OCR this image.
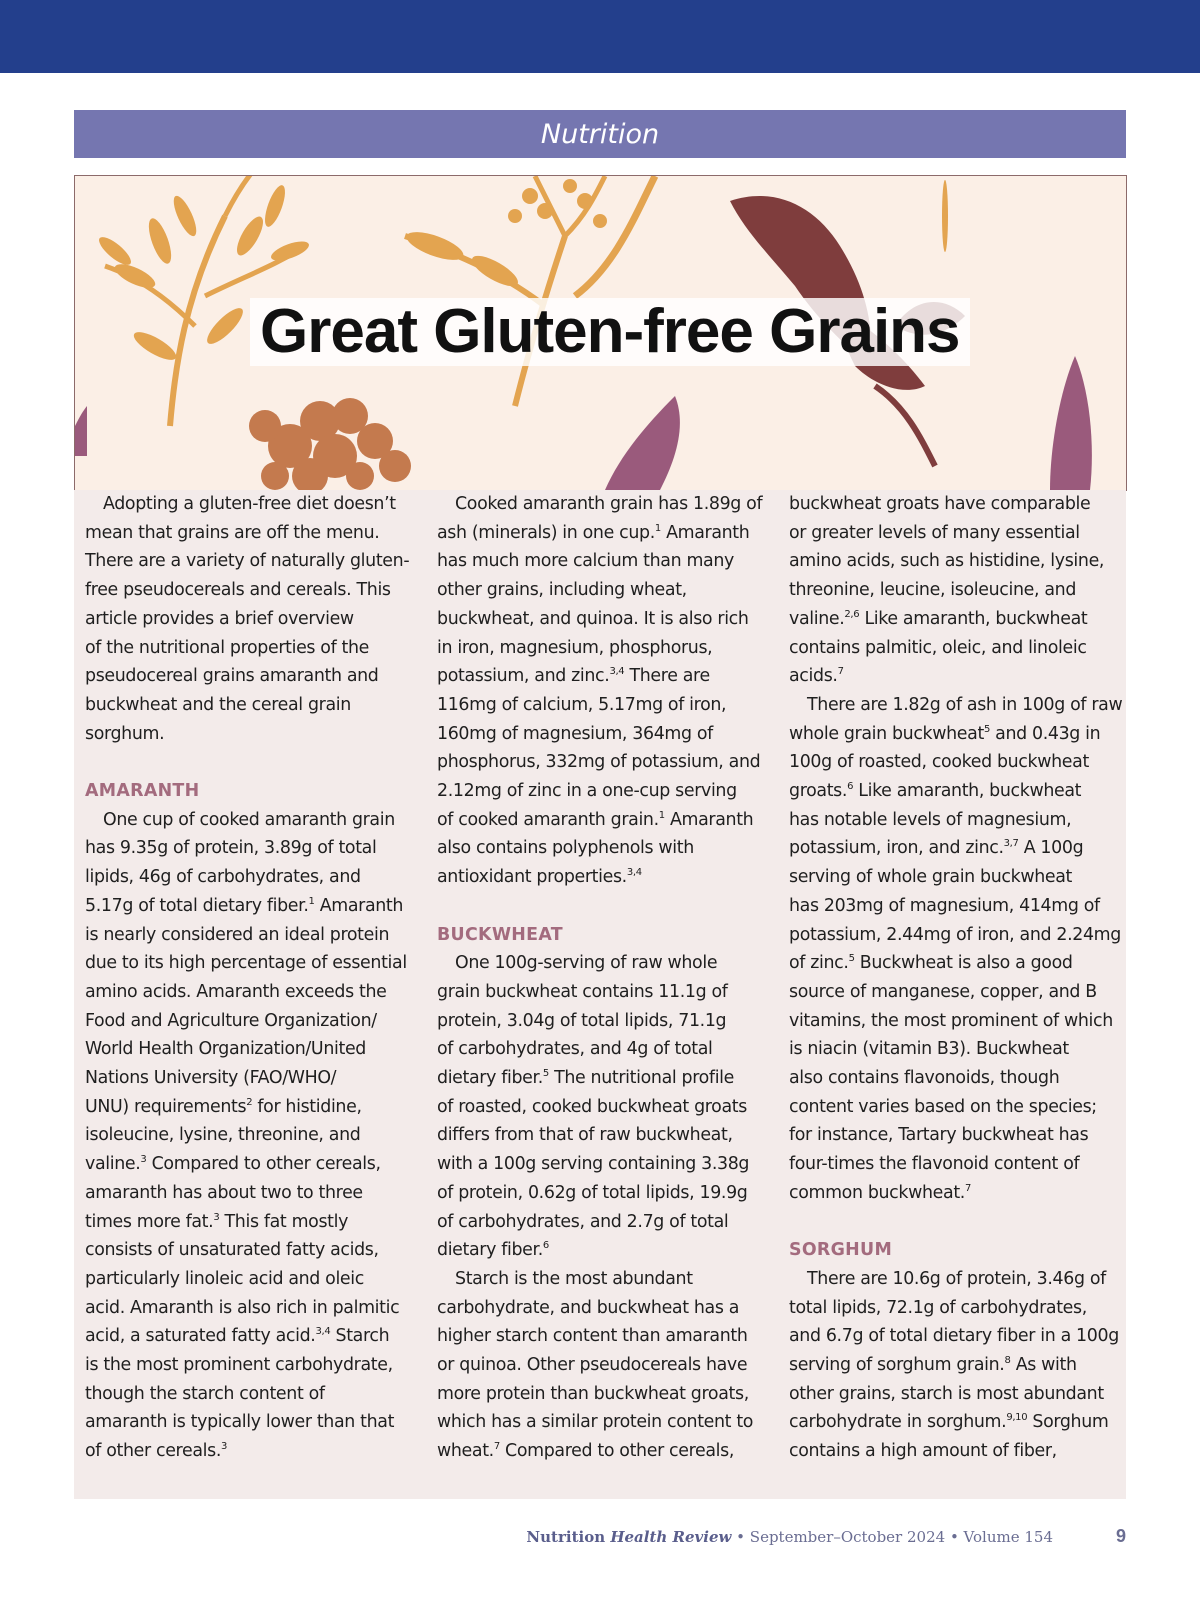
Nutrition
Great Gluten-free Grains

Adopting a gluten-free diet doesn’t
mean that grains are off the menu.
There are a variety of naturally gluten-
free pseudocereals and cereals. This
article provides a brief overview
of the nutritional properties of the
pseudocereal grains amaranth and
buckwheat and the cereal grain
sorghum.

AMARANTH

One cup of cooked amaranth grain
has 9.35g of protein, 3.89g of total
lipids, 46g of carbohydrates, and
5.17g of total dietary fiber.$^1$ Amaranth
is nearly considered an ideal protein
due to its high percentage of essential
amino acids. Amaranth exceeds the
Food and Agriculture Organization/
World Health Organization/United
Nations University (FAO/WHO/
UNU) requirements$^2$ for histidine,
isoleucine, lysine, threonine, and
valine.$^3$ Compared to other cereals,
amaranth has about two to three
times more fat.$^3$ This fat mostly
consists of unsaturated fatty acids,
particularly linoleic acid and oleic
acid. Amaranth is also rich in palmitic
acid, a saturated fatty acid.$^{3,4}$ Starch
is the most prominent carbohydrate,
though the starch content of
amaranth is typically lower than that
of other cereals.$^3$

Cooked amaranth grain has 1.89g of
ash (minerals) in one cup.$^1$ Amaranth
has much more calcium than many
other grains, including wheat,
buckwheat, and quinoa. It is also rich
in iron, magnesium, phosphorus,
potassium, and zinc.$^{3,4}$ There are
116mg of calcium, 5.17mg of iron,
160mg of magnesium, 364mg of
phosphorus, 332mg of potassium, and
2.12mg of zinc in a one-cup serving
of cooked amaranth grain.$^1$ Amaranth
also contains polyphenols with
antioxidant properties.$^{3,4}$

BUCKWHEAT

One 100g-serving of raw whole
grain buckwheat contains 11.1g of
protein, 3.04g of total lipids, 71.1g
of carbohydrates, and 4g of total
dietary fiber.$^5$ The nutritional profile
of roasted, cooked buckwheat groats
differs from that of raw buckwheat,
with a 100g serving containing 3.38g
of protein, 0.62g of total lipids, 19.9g
of carbohydrates, and 2.7g of total
dietary fiber.$^6$

Starch is the most abundant
carbohydrate, and buckwheat has a
higher starch content than amaranth
or quinoa. Other pseudocereals have
more protein than buckwheat groats,
which has a similar protein content to
wheat.$^7$ Compared to other cereals,

buckwheat groats have comparable
or greater levels of many essential
amino acids, such as histidine, lysine,
threonine, leucine, isoleucine, and
valine.$^{2,6}$ Like amaranth, buckwheat
contains palmitic, oleic, and linoleic
acids.$^7$

There are 1.82g of ash in 100g of raw
whole grain buckwheat$^5$ and 0.43g in
100g of roasted, cooked buckwheat
groats.$^6$ Like amaranth, buckwheat
has notable levels of magnesium,
potassium, iron, and zinc.$^{3,7}$ A 100g
serving of whole grain buckwheat
has 203mg of magnesium, 414mg of
potassium, 2.44mg of iron, and 2.24mg
of zinc.$^5$ Buckwheat is also a good
source of manganese, copper, and B
vitamins, the most prominent of which
is niacin (vitamin B3). Buckwheat
also contains flavonoids, though
content varies based on the species;
for instance, Tartary buckwheat has
four-times the flavonoid content of
common buckwheat.$^7$

SORGHUM

There are 10.6g of protein, 3.46g of
total lipids, 72.1g of carbohydrates,
and 6.7g of total dietary fiber in a 100g
serving of sorghum grain.$^8$ As with
other grains, starch is most abundant
carbohydrate in sorghum.$^{9,10}$ Sorghum
contains a high amount of fiber,

Nutrition Health Review • September–October 2024 • Volume 154	9
